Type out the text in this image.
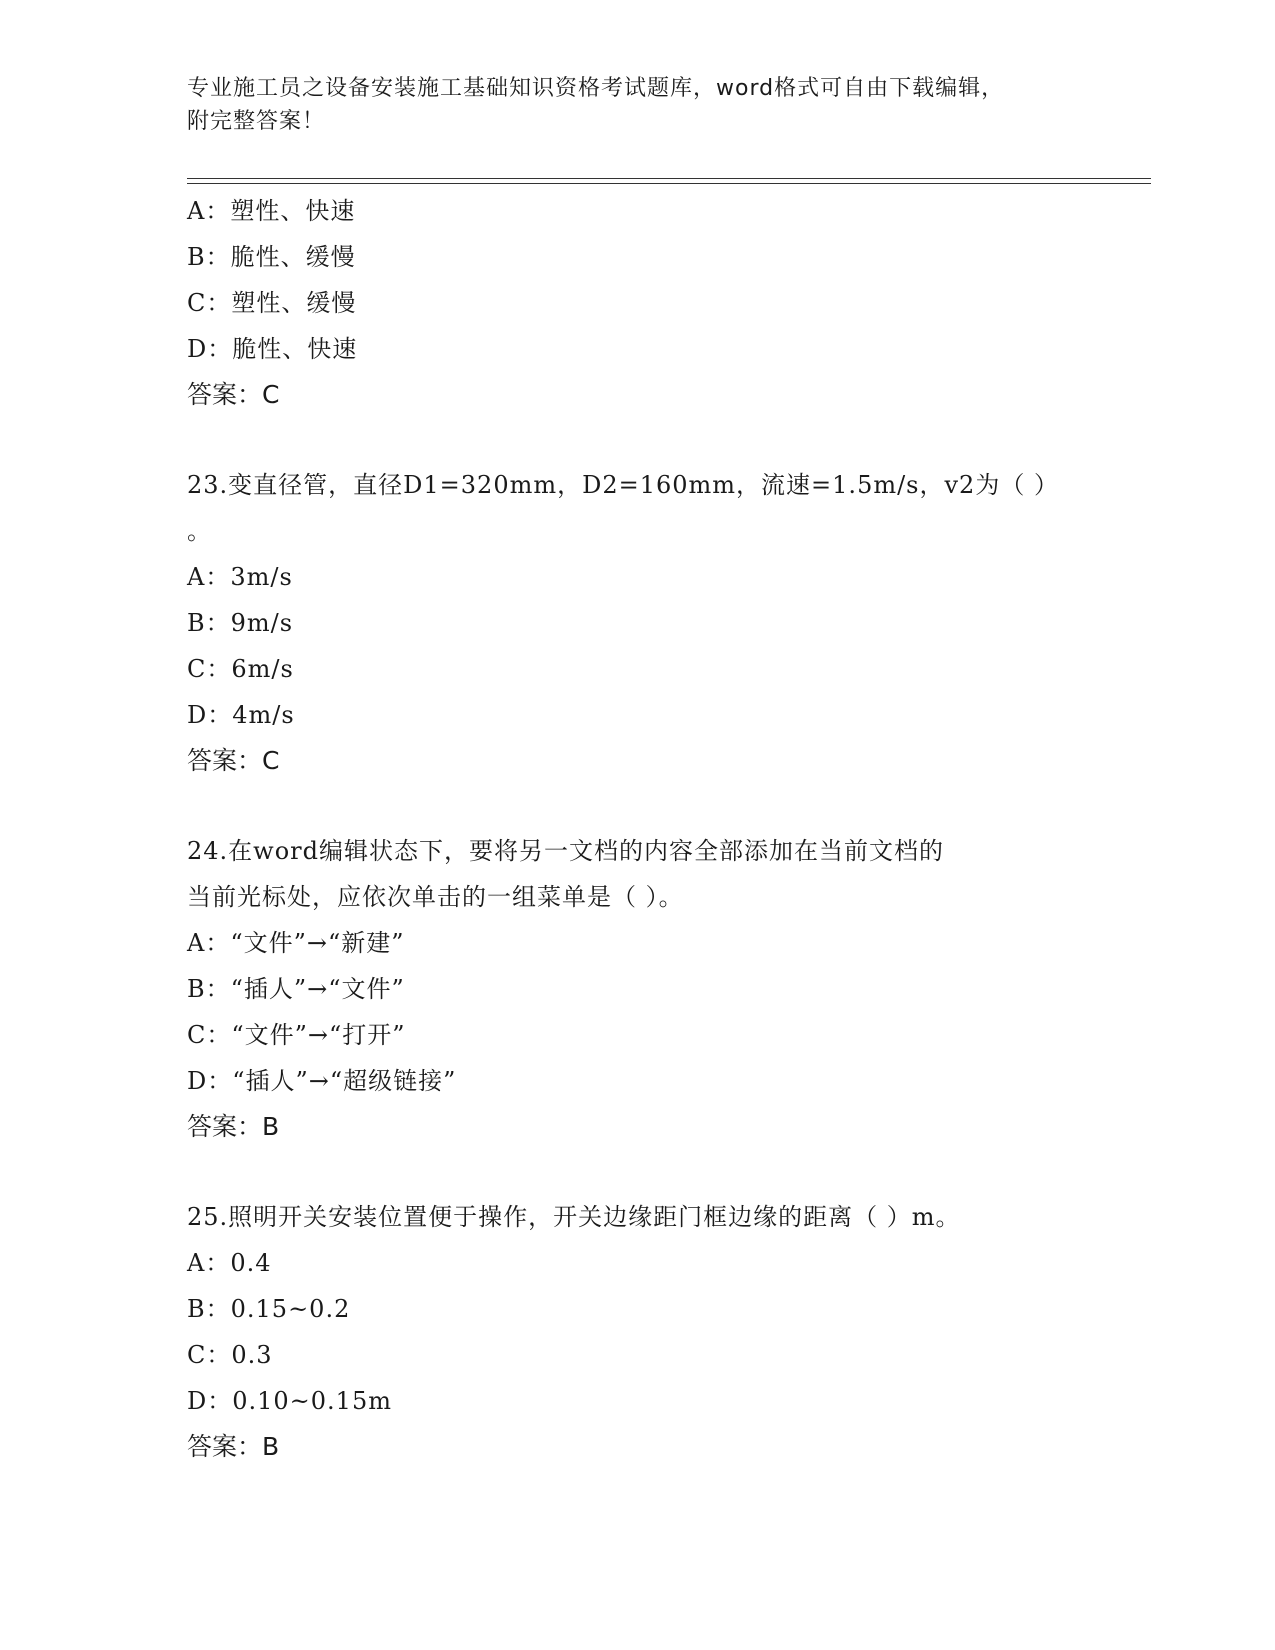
专业施工员之设备安装施工基础知识资格考试题库，word格式可自由下载编辑，
附完整答案！
A：塑性、快速
B：脆性、缓慢
C：塑性、缓慢
D：脆性、快速
答案：C
23.变直径管，直径D1=320mm，D2=160mm，流速=1.5m/s，v2为（ ）
。
A：3m/s
B：9m/s
C：6m/s
D：4m/s
答案：C
24.在word编辑状态下，要将另一文档的内容全部添加在当前文档的
当前光标处，应依次单击的一组菜单是（ ）。
A：“文件”→“新建”
B：“插人”→“文件”
C：“文件”→“打开”
D：“插人”→“超级链接”
答案：B
25.照明开关安装位置便于操作，开关边缘距门框边缘的距离（ ）m。
A：0.4
B：0.15~0.2
C：0.3
D：0.10~0.15m
答案：B
